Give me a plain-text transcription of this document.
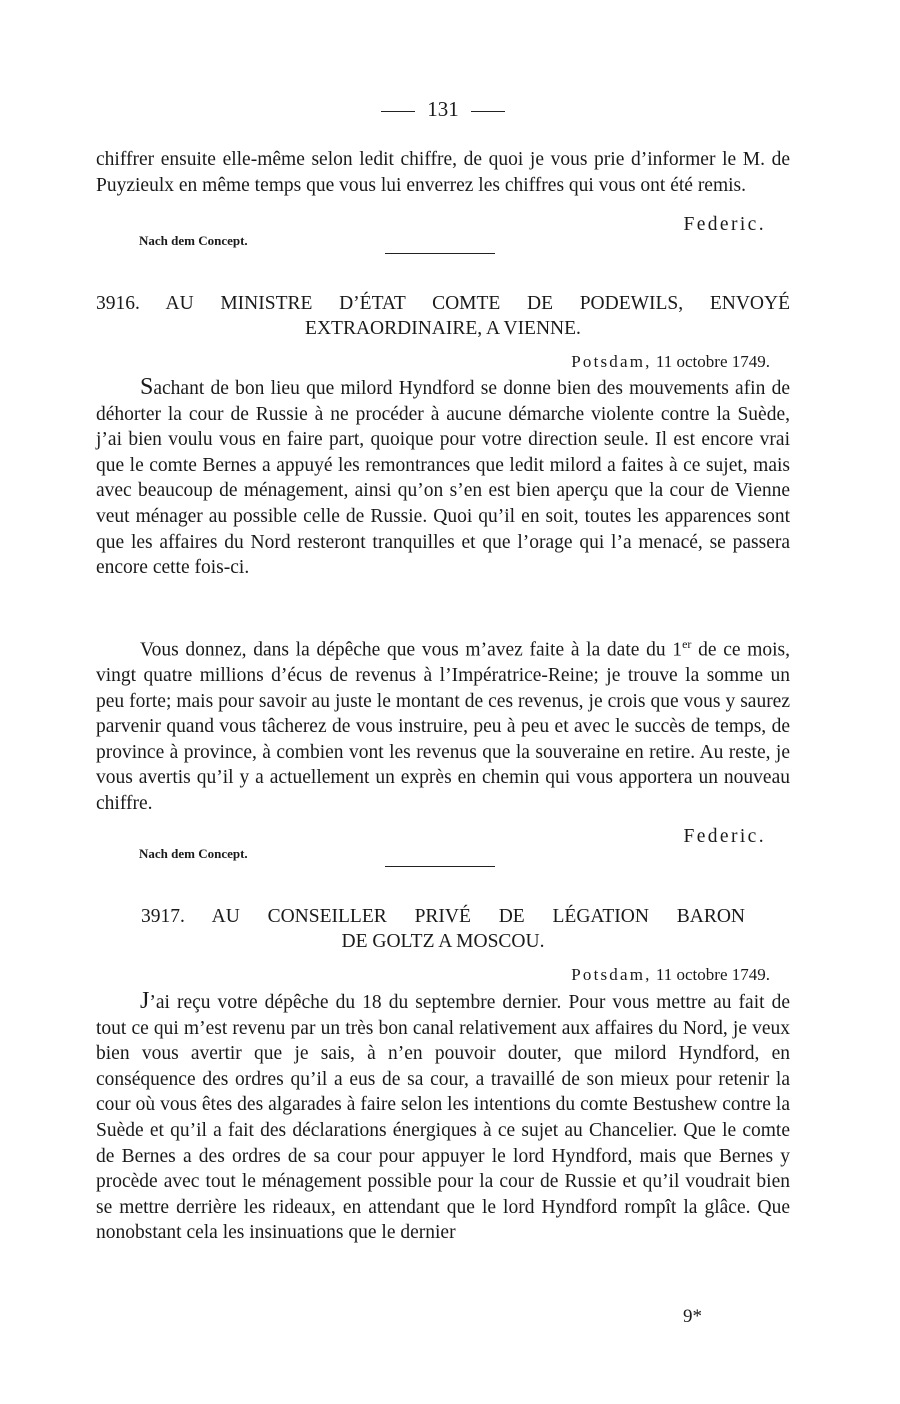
131
chiffrer ensuite elle-même selon ledit chiffre, de quoi je vous prie d’informer le M. de Puyzieulx en même temps que vous lui enverrez les chiffres qui vous ont été remis.
Federic.
Nach dem Concept.
3916. AU MINISTRE D’ÉTAT COMTE DE PODEWILS, ENVOYÉ
EXTRAORDINAIRE, A VIENNE.
Potsdam, 11 octobre 1749.
Sachant de bon lieu que milord Hyndford se donne bien des mouvements afin de déhorter la cour de Russie à ne procéder à aucune démarche violente contre la Suède, j’ai bien voulu vous en faire part, quoique pour votre direction seule. Il est encore vrai que le comte Bernes a appuyé les remontrances que ledit milord a faites à ce sujet, mais avec beaucoup de ménagement, ainsi qu’on s’en est bien aperçu que la cour de Vienne veut ménager au possible celle de Russie. Quoi qu’il en soit, toutes les apparences sont que les affaires du Nord resteront tranquilles et que l’orage qui l’a menacé, se passera encore cette fois-ci.
Vous donnez, dans la dépêche que vous m’avez faite à la date du 1er de ce mois, vingt quatre millions d’écus de revenus à l’Impératrice-Reine; je trouve la somme un peu forte; mais pour savoir au juste le montant de ces revenus, je crois que vous y saurez parvenir quand vous tâcherez de vous instruire, peu à peu et avec le succès de temps, de province à province, à combien vont les revenus que la souveraine en retire. Au reste, je vous avertis qu’il y a actuellement un exprès en chemin qui vous apportera un nouveau chiffre.
Federic.
Nach dem Concept.
3917. AU CONSEILLER PRIVÉ DE LÉGATION BARON
DE GOLTZ A MOSCOU.
Potsdam, 11 octobre 1749.
J’ai reçu votre dépêche du 18 du septembre dernier. Pour vous mettre au fait de tout ce qui m’est revenu par un très bon canal relativement aux affaires du Nord, je veux bien vous avertir que je sais, à n’en pouvoir douter, que milord Hyndford, en conséquence des ordres qu’il a eus de sa cour, a travaillé de son mieux pour retenir la cour où vous êtes des algarades à faire selon les intentions du comte Bestushew contre la Suède et qu’il a fait des déclarations énergiques à ce sujet au Chancelier. Que le comte de Bernes a des ordres de sa cour pour appuyer le lord Hyndford, mais que Bernes y procède avec tout le ménagement possible pour la cour de Russie et qu’il voudrait bien se mettre derrière les rideaux, en attendant que le lord Hyndford rompît la glâce. Que nonobstant cela les insinuations que le dernier
9*
